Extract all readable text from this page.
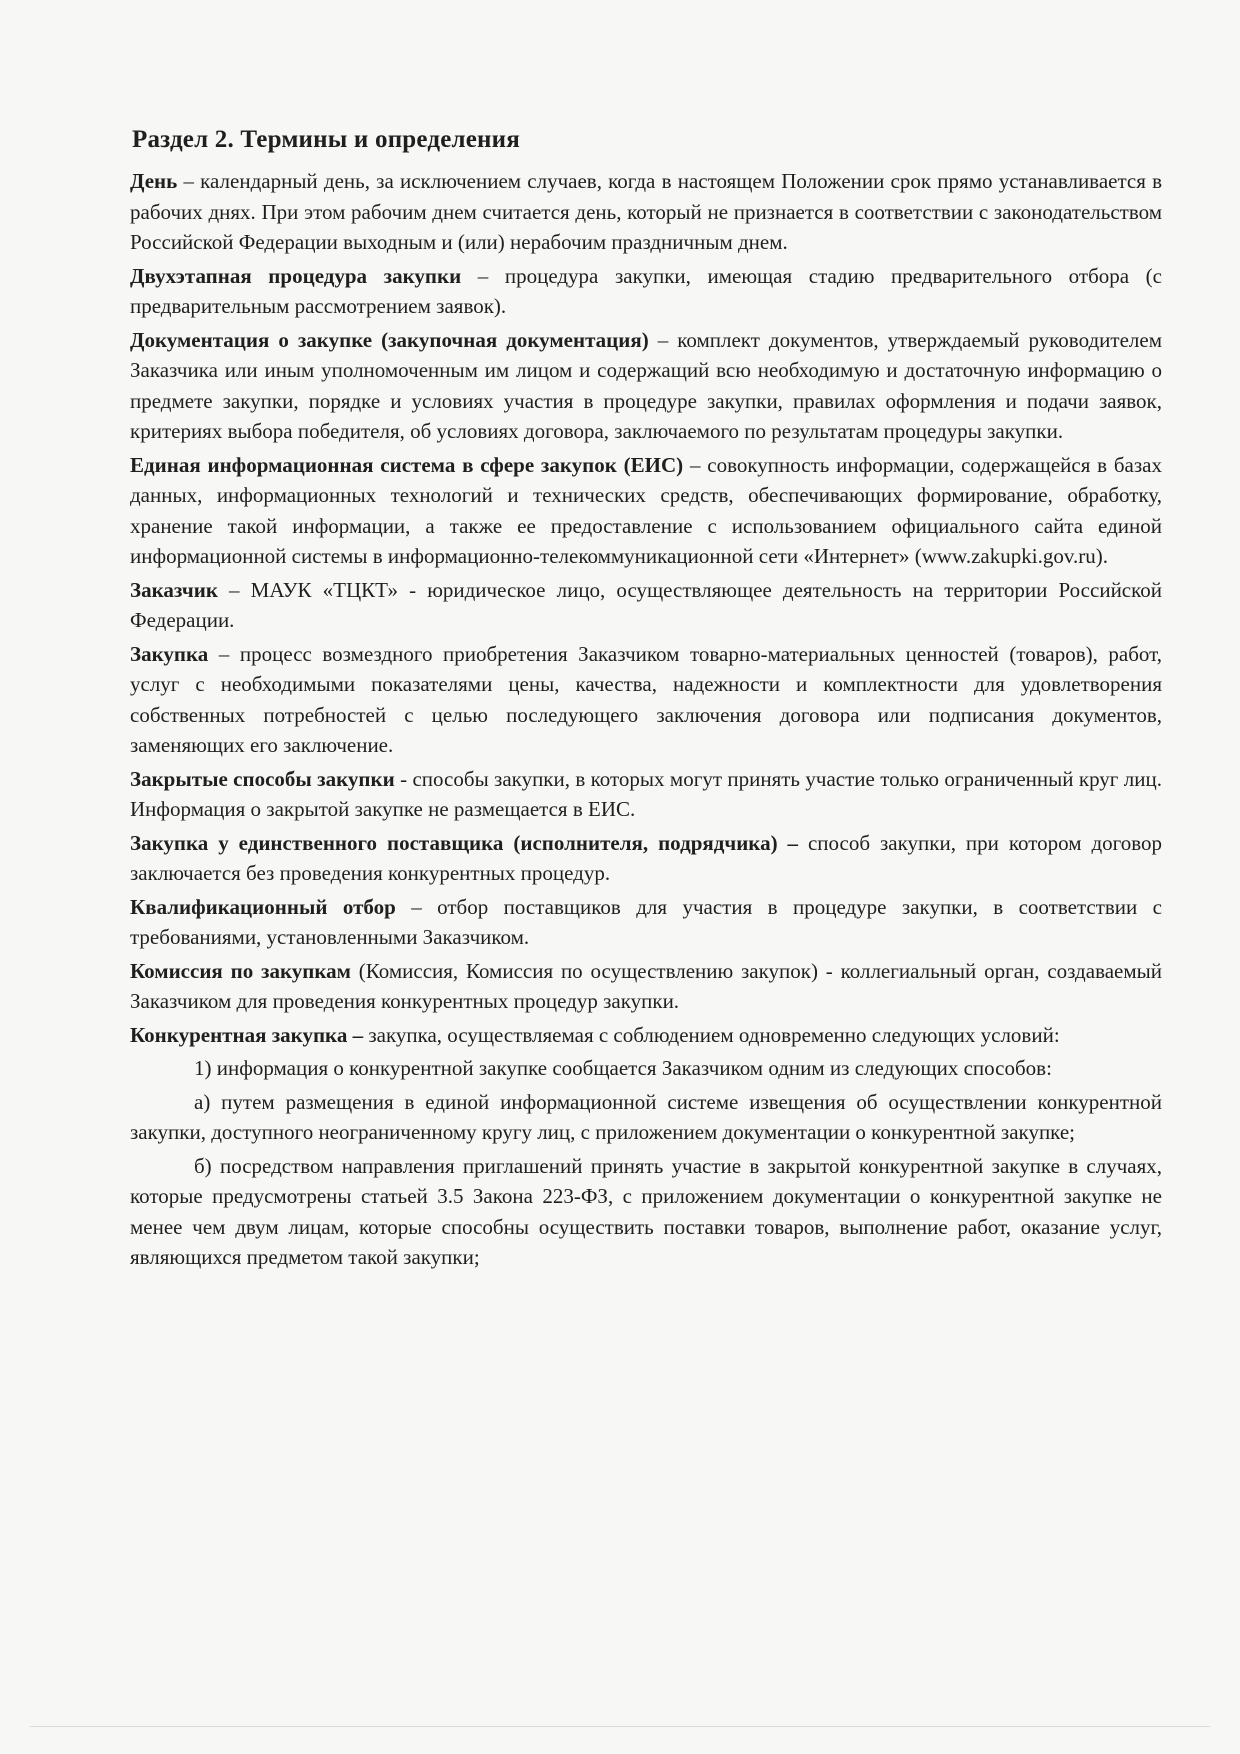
Раздел 2. Термины и определения

День – календарный день, за исключением случаев, когда в настоящем Положении срок прямо устанавливается в рабочих днях. При этом рабочим днем считается день, который не признается в соответствии с законодательством Российской Федерации выходным и (или) нерабочим праздничным днем.

Двухэтапная процедура закупки – процедура закупки, имеющая стадию предварительного отбора (с предварительным рассмотрением заявок).

Документация о закупке (закупочная документация) – комплект документов, утверждаемый руководителем Заказчика или иным уполномоченным им лицом и содержащий всю необходимую и достаточную информацию о предмете закупки, порядке и условиях участия в процедуре закупки, правилах оформления и подачи заявок, критериях выбора победителя, об условиях договора, заключаемого по результатам процедуры закупки.

Единая информационная система в сфере закупок (ЕИС) – совокупность информации, содержащейся в базах данных, информационных технологий и технических средств, обеспечивающих формирование, обработку, хранение такой информации, а также ее предоставление с использованием официального сайта единой информационной системы в информационно-телекоммуникационной сети «Интернет» (www.zakupki.gov.ru).

Заказчик – МАУК «ТЦКТ» - юридическое лицо, осуществляющее деятельность на территории Российской Федерации.

Закупка – процесс возмездного приобретения Заказчиком товарно-материальных ценностей (товаров), работ, услуг с необходимыми показателями цены, качества, надежности и комплектности для удовлетворения собственных потребностей с целью последующего заключения договора или подписания документов, заменяющих его заключение.

Закрытые способы закупки - способы закупки, в которых могут принять участие только ограниченный круг лиц. Информация о закрытой закупке не размещается в ЕИС.

Закупка у единственного поставщика (исполнителя, подрядчика) – способ закупки, при котором договор заключается без проведения конкурентных процедур.

Квалификационный отбор – отбор поставщиков для участия в процедуре закупки, в соответствии с требованиями, установленными Заказчиком.

Комиссия по закупкам (Комиссия, Комиссия по осуществлению закупок) - коллегиальный орган, создаваемый Заказчиком для проведения конкурентных процедур закупки.

Конкурентная закупка – закупка, осуществляемая с соблюдением одновременно следующих условий:

1) информация о конкурентной закупке сообщается Заказчиком одним из следующих способов:

а) путем размещения в единой информационной системе извещения об осуществлении конкурентной закупки, доступного неограниченному кругу лиц, с приложением документации о конкурентной закупке;

б) посредством направления приглашений принять участие в закрытой конкурентной закупке в случаях, которые предусмотрены статьей 3.5 Закона 223-ФЗ, с приложением документации о конкурентной закупке не менее чем двум лицам, которые способны осуществить поставки товаров, выполнение работ, оказание услуг, являющихся предметом такой закупки;
